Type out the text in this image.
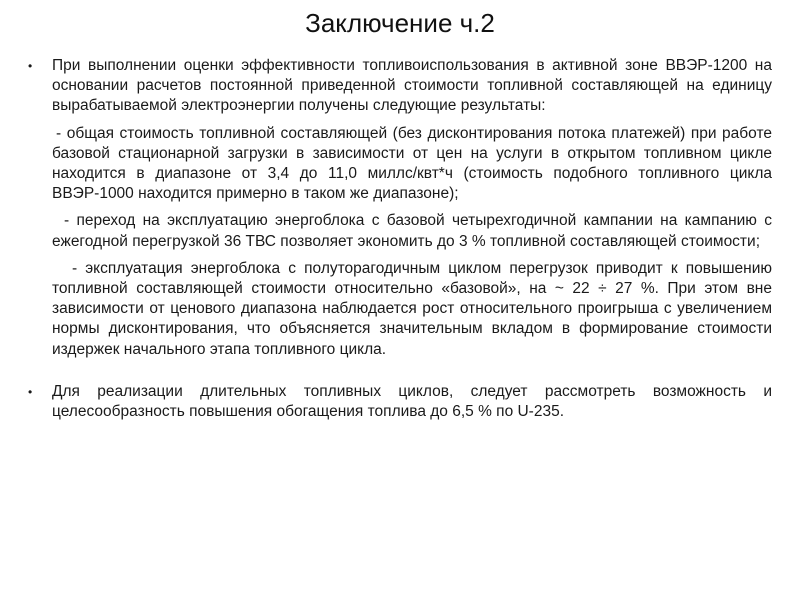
Заключение ч.2

• При выполнении оценки эффективности топливоиспользования в активной зоне ВВЭР-1200 на основании расчетов постоянной приведенной стоимости топливной составляющей на единицу вырабатываемой электроэнергии получены следующие результаты:

- общая стоимость топливной составляющей (без дисконтирования потока платежей) при работе базовой стационарной загрузки в зависимости от цен на услуги в открытом топливном цикле находится в диапазоне от 3,4 до 11,0 миллс/квт*ч (стоимость подобного топливного цикла ВВЭР-1000 находится примерно в таком же диапазоне);

- переход на эксплуатацию энергоблока с базовой четырехгодичной кампании на кампанию с ежегодной перегрузкой 36 ТВС позволяет экономить до 3 % топливной составляющей стоимости;

- эксплуатация энергоблока с полуторагодичным циклом перегрузок приводит к повышению топливной составляющей стоимости относительно «базовой», на ~ 22 ÷ 27 %. При этом вне зависимости от ценового диапазона наблюдается рост относительного проигрыша с увеличением нормы дисконтирования, что объясняется значительным вкладом в формирование стоимости издержек начального этапа топливного цикла.

• Для реализации длительных топливных циклов, следует рассмотреть возможность и целесообразность повышения обогащения топлива до 6,5 % по U-235.
